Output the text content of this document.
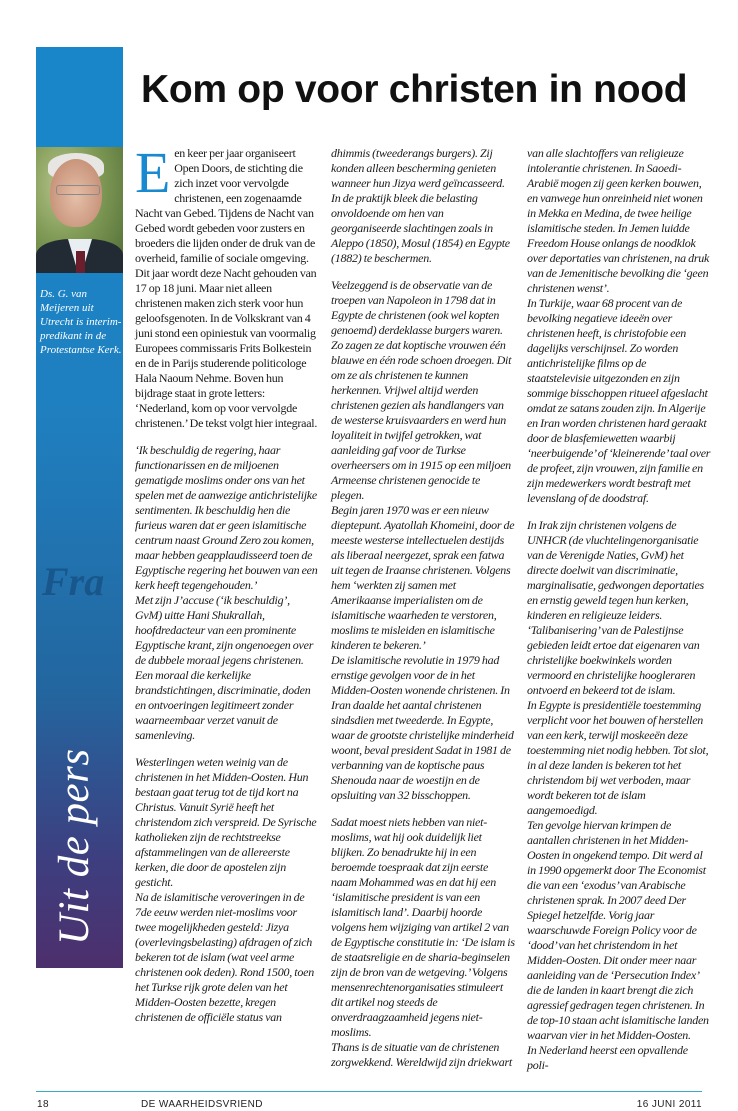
Fra
Ds. G. van Meijeren uit Utrecht is interim-predikant in de Protestantse Kerk.
Uit de pers
Kom op voor christen in nood

Een keer per jaar organiseert Open Doors, de stichting die zich inzet voor vervolgde christenen, een zogenaamde Nacht van Gebed. Tijdens de Nacht van Gebed wordt gebeden voor zusters en broeders die lijden onder de druk van de overheid, familie of sociale omgeving. Dit jaar wordt deze Nacht gehouden van 17 op 18 juni. Maar niet alleen christenen maken zich sterk voor hun geloofsgenoten. In de Volkskrant van 4 juni stond een opiniestuk van voormalig Europees commissaris Frits Bolkestein en de in Parijs studerende politicologe Hala Naoum Nehme. Boven hun bijdrage staat in grote letters: ‘Nederland, kom op voor vervolgde christenen.’ De tekst volgt hier integraal.

‘Ik beschuldig de regering, haar functionarissen en de miljoenen gematigde moslims onder ons van het spelen met de aanwezige antichristelijke sentimenten. Ik beschuldig hen die furieus waren dat er geen islamitische centrum naast Ground Zero zou komen, maar hebben geapplaudisseerd toen de Egyptische regering het bouwen van een kerk heeft tegengehouden.’

Met zijn J’accuse (‘ik beschuldig’, GvM) uitte Hani Shukrallah, hoofdredacteur van een prominente Egyptische krant, zijn ongenoegen over de dubbele moraal jegens christenen. Een moraal die kerkelijke brandstichtingen, discriminatie, doden en ontvoeringen legitimeert zonder waarneembaar verzet vanuit de samenleving.

Westerlingen weten weinig van de christenen in het Midden-Oosten. Hun bestaan gaat terug tot de tijd kort na Christus. Vanuit Syrië heeft het christendom zich verspreid. De Syrische katholieken zijn de rechtstreekse afstammelingen van de allereerste kerken, die door de apostelen zijn gesticht.

Na de islamitische veroveringen in de 7de eeuw werden niet-moslims voor twee mogelijkheden gesteld: Jizya (overlevingsbelasting) afdragen of zich bekeren tot de islam (wat veel arme christenen ook deden). Rond 1500, toen het Turkse rijk grote delen van het Midden-Oosten bezette, kregen christenen de officiële status van

dhimmis (tweederangs burgers). Zij konden alleen bescherming genieten wanneer hun Jizya werd geïncasseerd. In de praktijk bleek die belasting onvoldoende om hen van georganiseerde slachtingen zoals in Aleppo (1850), Mosul (1854) en Egypte (1882) te beschermen.

Veelzeggend is de observatie van de troepen van Napoleon in 1798 dat in Egypte de christenen (ook wel kopten genoemd) derdeklasse burgers waren. Zo zagen ze dat koptische vrouwen één blauwe en één rode schoen droegen. Dit om ze als christenen te kunnen herkennen. Vrijwel altijd werden christenen gezien als handlangers van de westerse kruisvaarders en werd hun loyaliteit in twijfel getrokken, wat aanleiding gaf voor de Turkse overheersers om in 1915 op een miljoen Armeense christenen genocide te plegen.

Begin jaren 1970 was er een nieuw dieptepunt. Ayatollah Khomeini, door de meeste westerse intellectuelen destijds als liberaal neergezet, sprak een fatwa uit tegen de Iraanse christenen. Volgens hem ‘werkten zij samen met Amerikaanse imperialisten om de islamitische waarheden te verstoren, moslims te misleiden en islamitische kinderen te bekeren.’

De islamitische revolutie in 1979 had ernstige gevolgen voor de in het Midden-Oosten wonende christenen. In Iran daalde het aantal christenen sindsdien met tweederde. In Egypte, waar de grootste christelijke minderheid woont, beval president Sadat in 1981 de verbanning van de koptische paus Shenouda naar de woestijn en de opsluiting van 32 bisschoppen.

Sadat moest niets hebben van niet-moslims, wat hij ook duidelijk liet blijken. Zo benadrukte hij in een beroemde toespraak dat zijn eerste naam Mohammed was en dat hij een ‘islamitische president is van een islamitisch land’. Daarbij hoorde volgens hem wijziging van artikel 2 van de Egyptische constitutie in: ‘De islam is de staatsreligie en de sharia-beginselen zijn de bron van de wetgeving.’ Volgens mensenrechtenorganisaties stimuleert dit artikel nog steeds de onverdraagzaamheid jegens niet-moslims.

Thans is de situatie van de christenen zorgwekkend. Wereldwijd zijn driekwart

van alle slachtoffers van religieuze intolerantie christenen. In Saoedi-Arabië mogen zij geen kerken bouwen, en vanwege hun onreinheid niet wonen in Mekka en Medina, de twee heilige islamitische steden. In Jemen luidde Freedom House onlangs de noodklok over deportaties van christenen, na druk van de Jemenitische bevolking die ‘geen christenen wenst’.

In Turkije, waar 68 procent van de bevolking negatieve ideeën over christenen heeft, is christofobie een dagelijks verschijnsel. Zo worden antichristelijke films op de staatstelevisie uitgezonden en zijn sommige bisschoppen ritueel afgeslacht omdat ze satans zouden zijn. In Algerije en Iran worden christenen hard geraakt door de blasfemiewetten waarbij ‘neerbuigende’ of ‘kleinerende’ taal over de profeet, zijn vrouwen, zijn familie en zijn medewerkers wordt bestraft met levenslang of de doodstraf.

In Irak zijn christenen volgens de UNHCR (de vluchtelingenorganisatie van de Verenigde Naties, GvM) het directe doelwit van discriminatie, marginalisatie, gedwongen deportaties en ernstig geweld tegen hun kerken, kinderen en religieuze leiders. ‘Talibanisering’ van de Palestijnse gebieden leidt ertoe dat eigenaren van christelijke boekwinkels worden vermoord en christelijke hoogleraren ontvoerd en bekeerd tot de islam.

In Egypte is presidentiële toestemming verplicht voor het bouwen of herstellen van een kerk, terwijl moskeeën deze toestemming niet nodig hebben. Tot slot, in al deze landen is bekeren tot het christendom bij wet verboden, maar wordt bekeren tot de islam aangemoedigd.

Ten gevolge hiervan krimpen de aantallen christenen in het Midden-Oosten in ongekend tempo. Dit werd al in 1990 opgemerkt door The Economist die van een ‘exodus’ van Arabische christenen sprak. In 2007 deed Der Spiegel hetzelfde. Vorig jaar waarschuwde Foreign Policy voor de ‘dood’ van het christendom in het Midden-Oosten. Dit onder meer naar aanleiding van de ‘Persecution Index’ die de landen in kaart brengt die zich agressief gedragen tegen christenen. In de top-10 staan acht islamitische landen waarvan vier in het Midden-Oosten.

In Nederland heerst een opvallende poli-

18	DE WAARHEIDSVRIEND	16 JUNI 2011
